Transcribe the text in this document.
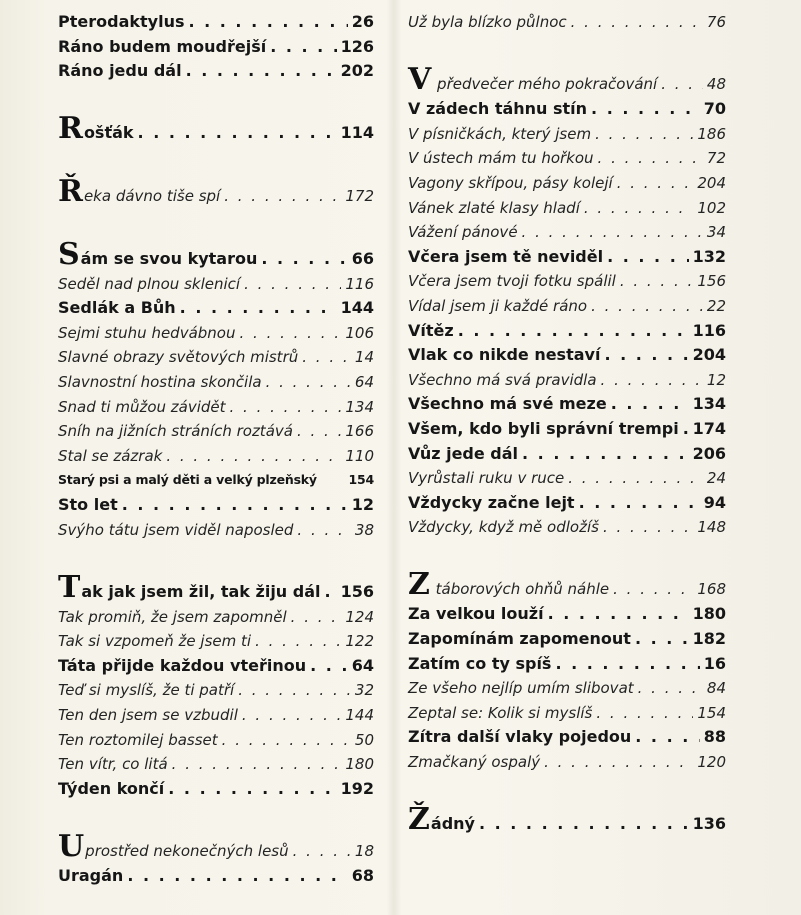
Pterodaktylus . . .	26
Ráno budem moudřejší . . .	126
Ráno jedu dál . . .	202
Rošťák . . .	114
Řeka dávno tiše spí . . .	172
Sám se svou kytarou . . .	66
Seděl nad plnou sklenicí . . .	116
Sedlák a Bůh . . .	144
Sejmi stuhu hedvábnou . . .	106
Slavné obrazy světových mistrů . . .	14
Slavnostní hostina skončila . . .	64
Snad ti můžou závidět . . .	134
Sníh na jižních stráních roztává . . .	166
Stal se zázrak . . .	110
Starý psi a malý děti a velký plzeňský	154
Sto let . . .	12
Svýho tátu jsem viděl naposled . . .	38
Tak jak jsem žil, tak žiju dál . . . 156
Tak promiň, že jsem zapomněl . . .	124
Tak si vzpomeň že jsem ti . . .	122
Táta přijde každou vteřinou . . .	64
Teď si myslíš, že ti patří . . .	32
Ten den jsem se vzbudil . . .	144
Ten roztomilej basset . . .	50
Ten vítr, co litá . . .	180
Týden končí . . .	192
Uprostřed nekonečných lesů . . .	18
Uragán . . .	68
Už byla blízko půlnoc . . .	76
V předvečer mého pokračování . . .	48
V zádech táhnu stín . . .	70
V písničkách, který jsem . . .	186
V ústech mám tu hořkou . . .	72
Vagony skřípou, pásy kolejí . . .	204
Vánek zlaté klasy hladí . . .	102
Vážení pánové . . .	34
Včera jsem tě neviděl . . .	132
Včera jsem tvoji fotku spálil . . .	156
Vídal jsem ji každé ráno . . .	22
Vítěz . . .	116
Vlak co nikde nestaví . . .	204
Všechno má svá pravidla . . .	12
Všechno má své meze . . .	134
Všem, kdo byli správní trempi . . . 174
Vůz jede dál . . .	206
Vyrůstali ruku v ruce . . .	24
Vždycky začne lejt . . .	94
Vždycky, když mě odložíš . . .	148
Z táborových ohňů náhle . . .	168
Za velkou louží . . .	180
Zapomínám zapomenout . . .	182
Zatím co ty spíš . . .	16
Ze všeho nejlíp umím slibovat . . .	84
Zeptal se: Kolik si myslíš . . .	154
Zítra další vlaky pojedou . . .	88
Zmačkaný ospalý . . .	120
Žádný . . .	136
